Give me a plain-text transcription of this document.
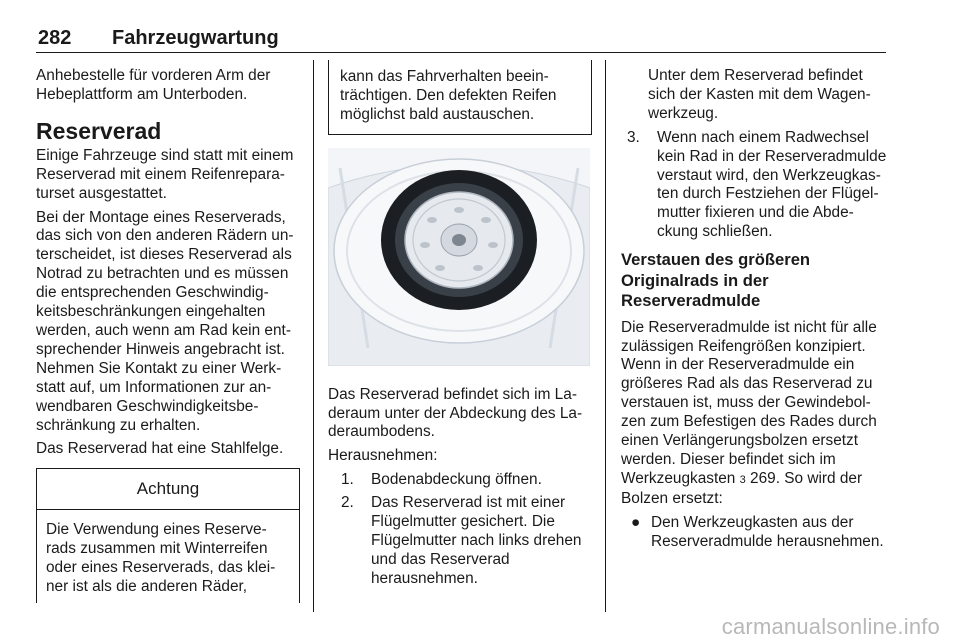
282 Fahrzeugwartung

Anhebestelle für vorderen Arm der Hebeplattform am Unterboden.

Reserverad

Einige Fahrzeuge sind statt mit einem Reserverad mit einem Reifenreparaturset ausgestattet.

Bei der Montage eines Reserverads, das sich von den anderen Rädern unterscheidet, ist dieses Reserverad als Notrad zu betrachten und es müssen die entsprechenden Geschwindigkeitsbeschränkungen eingehalten werden, auch wenn am Rad kein entsprechender Hinweis angebracht ist. Nehmen Sie Kontakt zu einer Werkstatt auf, um Informationen zur anwendbaren Geschwindigkeitsbeschränkung zu erhalten.

Das Reserverad hat eine Stahlfelge.

Achtung
Die Verwendung eines Reserverads zusammen mit Winterreifen oder eines Reserverads, das kleiner ist als die anderen Räder,
kann das Fahrverhalten beeinträchtigen. Den defekten Reifen möglichst bald austauschen.

Das Reserverad befindet sich im Laderaum unter der Abdeckung des Laderaumbodens.

Herausnehmen:

1. Bodenabdeckung öffnen.
2. Das Reserverad ist mit einer Flügelmutter gesichert. Die Flügelmutter nach links drehen und das Reserverad herausnehmen.

Unter dem Reserverad befindet sich der Kasten mit dem Wagenwerkzeug.

3. Wenn nach einem Radwechsel kein Rad in der Reserveradmulde verstaut wird, den Werkzeugkasten durch Festziehen der Flügelmutter fixieren und die Abdeckung schließen.
Verstauen des größeren Originalrads in der Reserveradmulde

Die Reserveradmulde ist nicht für alle zulässigen Reifengrößen konzipiert. Wenn in der Reserveradmulde ein größeres Rad als das Reserverad zu verstauen ist, muss der Gewindebolzen zum Befestigen des Rades durch einen Verlängerungsbolzen ersetzt werden. Dieser befindet sich im Werkzeugkasten 3 269. So wird der Bolzen ersetzt:

● Den Werkzeugkasten aus der Reserveradmulde herausnehmen.
carmanualsonline.info
